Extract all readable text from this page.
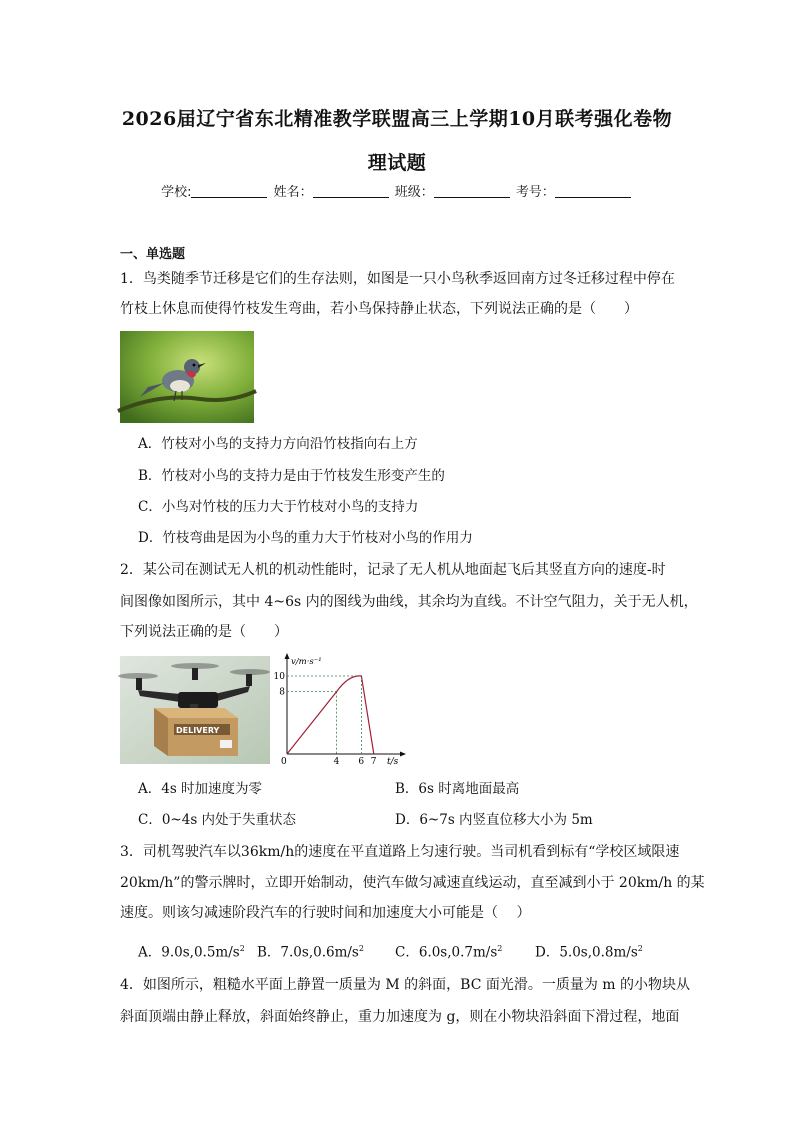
2026届辽宁省东北精准教学联盟高三上学期10月联考强化卷物
理试题
学校:	姓名：	班级：	考号：
一、单选题
1．鸟类随季节迁移是它们的生存法则，如图是一只小鸟秋季返回南方过冬迁移过程中停在
竹枝上休息而使得竹枝发生弯曲，若小鸟保持静止状态，下列说法正确的是（　　）
A．竹枝对小鸟的支持力方向沿竹枝指向右上方
B．竹枝对小鸟的支持力是由于竹枝发生形变产生的
C．小鸟对竹枝的压力大于竹枝对小鸟的支持力
D．竹枝弯曲是因为小鸟的重力大于竹枝对小鸟的作用力
2．某公司在测试无人机的机动性能时，记录了无人机从地面起飞后其竖直方向的速度-时
间图像如图所示，其中 4~6s 内的图线为曲线，其余均为直线。不计空气阻力，关于无人机，
下列说法正确的是（　　）
DELIVERY
v/m·s⁻¹
t/s
0	4 6 7
10
8
A．4s 时加速度为零	B．6s 时离地面最高
C．0~4s 内处于失重状态	D．6~7s 内竖直位移大小为 5m
3．司机驾驶汽车以36km/h的速度在平直道路上匀速行驶。当司机看到标有“学校区域限速
20km/h”的警示牌时，立即开始制动，使汽车做匀减速直线运动，直至减到小于 20km/h 的某
速度。则该匀减速阶段汽车的行驶时间和加速度大小可能是（　 ）
A．$9.0s,0.5m/s^2$ B．$7.0s,0.6m/s^2$ C．$6.0s,0.7m/s^2$ D．$5.0s,0.8m/s^2$
4．如图所示，粗糙水平面上静置一质量为 M 的斜面，BC 面光滑。一质量为 m 的小物块从
斜面顶端由静止释放，斜面始终静止，重力加速度为 g，则在小物块沿斜面下滑过程，地面
